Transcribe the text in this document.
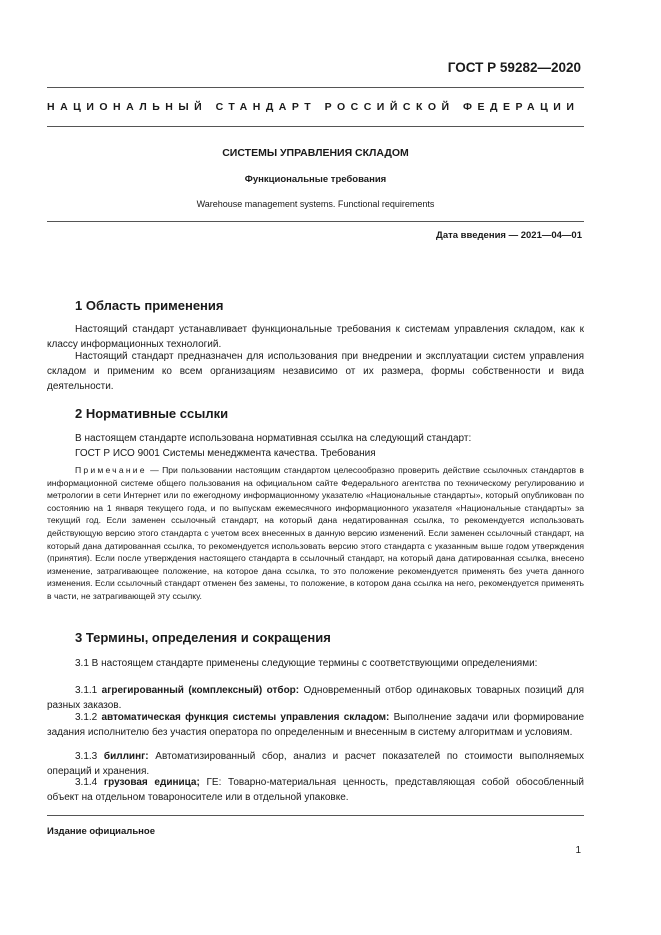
ГОСТ Р 59282—2020
НАЦИОНАЛЬНЫЙ СТАНДАРТ РОССИЙСКОЙ ФЕДЕРАЦИИ
СИСТЕМЫ УПРАВЛЕНИЯ СКЛАДОМ
Функциональные требования
Warehouse management systems. Functional requirements
Дата введения — 2021—04—01
1 Область применения

Настоящий стандарт устанавливает функциональные требования к системам управления складом, как к классу информационных технологий.

Настоящий стандарт предназначен для использования при внедрении и эксплуатации систем управления складом и применим ко всем организациям независимо от их размера, формы собственности и вида деятельности.

2 Нормативные ссылки

В настоящем стандарте использована нормативная ссылка на следующий стандарт:

ГОСТ Р ИСО 9001 Системы менеджмента качества. Требования

Примечание — При пользовании настоящим стандартом целесообразно проверить действие ссылочных стандартов в информационной системе общего пользования на официальном сайте Федерального агентства по техническому регулированию и метрологии в сети Интернет или по ежегодному информационному указателю «Национальные стандарты», который опубликован по состоянию на 1 января текущего года, и по выпускам ежемесячного информационного указателя «Национальные стандарты» за текущий год. Если заменен ссылочный стандарт, на который дана недатированная ссылка, то рекомендуется использовать действующую версию этого стандарта с учетом всех внесенных в данную версию изменений. Если заменен ссылочный стандарт, на который дана датированная ссылка, то рекомендуется использовать версию этого стандарта с указанным выше годом утверждения (принятия). Если после утверждения настоящего стандарта в ссылочный стандарт, на который дана датированная ссылка, внесено изменение, затрагивающее положение, на которое дана ссылка, то это положение рекомендуется применять без учета данного изменения. Если ссылочный стандарт отменен без замены, то положение, в котором дана ссылка на него, рекомендуется применять в части, не затрагивающей эту ссылку.

3 Термины, определения и сокращения

3.1 В настоящем стандарте применены следующие термины с соответствующими определениями:

3.1.1 агрегированный (комплексный) отбор: Одновременный отбор одинаковых товарных позиций для разных заказов.

3.1.2 автоматическая функция системы управления складом: Выполнение задачи или формирование задания исполнителю без участия оператора по определенным и внесенным в систему алгоритмам и условиям.

3.1.3 биллинг: Автоматизированный сбор, анализ и расчет показателей по стоимости выполняемых операций и хранения.

3.1.4 грузовая единица; ГЕ: Товарно-материальная ценность, представляющая собой обособленный объект на отдельном товароносителе или в отдельной упаковке.

Издание официальное
1
